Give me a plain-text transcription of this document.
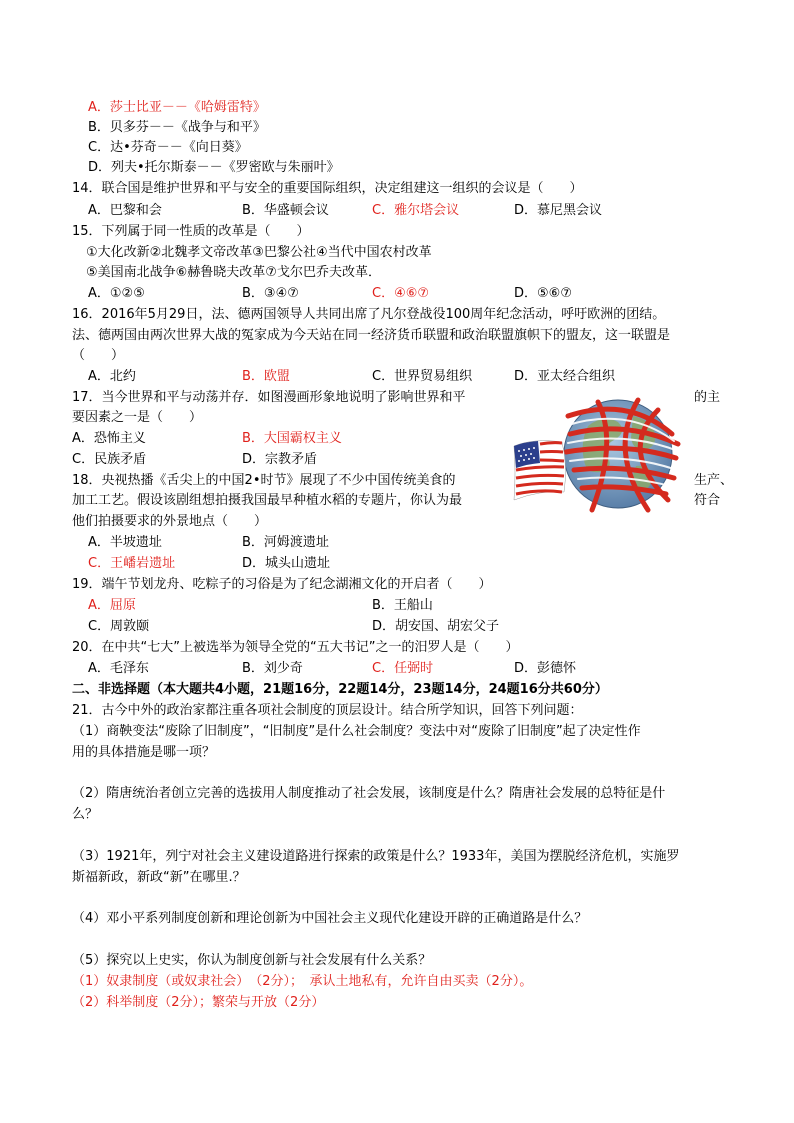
A．莎士比亚－－《哈姆雷特》
B．贝多芬－－《战争与和平》
C．达•芬奇－－《向日葵》
D．列夫•托尔斯泰－－《罗密欧与朱丽叶》
14．联合国是维护世界和平与安全的重要国际组织，决定组建这一组织的会议是（　　）
A．巴黎和会	B．华盛顿会议	C．雅尔塔会议	D．慕尼黑会议
15．下列属于同一性质的改革是（　　）
①大化改新②北魏孝文帝改革③巴黎公社④当代中国农村改革
⑤美国南北战争⑥赫鲁晓夫改革⑦戈尔巴乔夫改革．
A．①②⑤	B．③④⑦	C．④⑥⑦	D．⑤⑥⑦
16．2016年5月29日，法、德两国领导人共同出席了凡尔登战役100周年纪念活动，呼吁欧洲的团结。
法、德两国由两次世界大战的冤家成为今天站在同一经济货币联盟和政治联盟旗帜下的盟友，这一联盟是
（　　）
A．北约	B．欧盟	C．世界贸易组织	D．亚太经合组织
17．当今世界和平与动荡并存．如图漫画形象地说明了影响世界和平	的主
要因素之一是（　　）
A．恐怖主义	B．大国霸权主义
C．民族矛盾	D．宗教矛盾
18．央视热播《舌尖上的中国2•时节》展现了不少中国传统美食的	生产、
加工工艺。假设该剧组想拍摄我国最早种植水稻的专题片，你认为最	符合
他们拍摄要求的外景地点（　　）
A．半坡遗址	B．河姆渡遗址
C．王嶓岩遗址	D．城头山遗址
19．端午节划龙舟、吃粽子的习俗是为了纪念湖湘文化的开启者（　　）
A．屈原	B．王船山
C．周敦颐	D．胡安国、胡宏父子
20．在中共“七大”上被选举为领导全党的“五大书记”之一的汨罗人是（　　）
A．毛泽东	B．刘少奇	C．任弼时	D．彭德怀
二、非选择题（本大题共4小题，21题16分，22题14分，23题14分，24题16分共60分）
21．古今中外的政治家都注重各项社会制度的顶层设计。结合所学知识，回答下列问题：
（1）商鞅变法“废除了旧制度”，“旧制度”是什么社会制度？变法中对“废除了旧制度”起了决定性作
用的具体措施是哪一项？
（2）隋唐统治者创立完善的选拔用人制度推动了社会发展，该制度是什么？隋唐社会发展的总特征是什
么？
（3）1921年，列宁对社会主义建设道路进行探索的政策是什么？1933年，美国为摆脱经济危机，实施罗
斯福新政，新政“新”在哪里.？
（4）邓小平系列制度创新和理论创新为中国社会主义现代化建设开辟的正确道路是什么？
（5）探究以上史实，你认为制度创新与社会发展有什么关系？
（1）奴隶制度（或奴隶社会）　（2分）；　承认土地私有，允许自由买卖（2分）。
（2）科举制度（2分）；繁荣与开放（2分）
